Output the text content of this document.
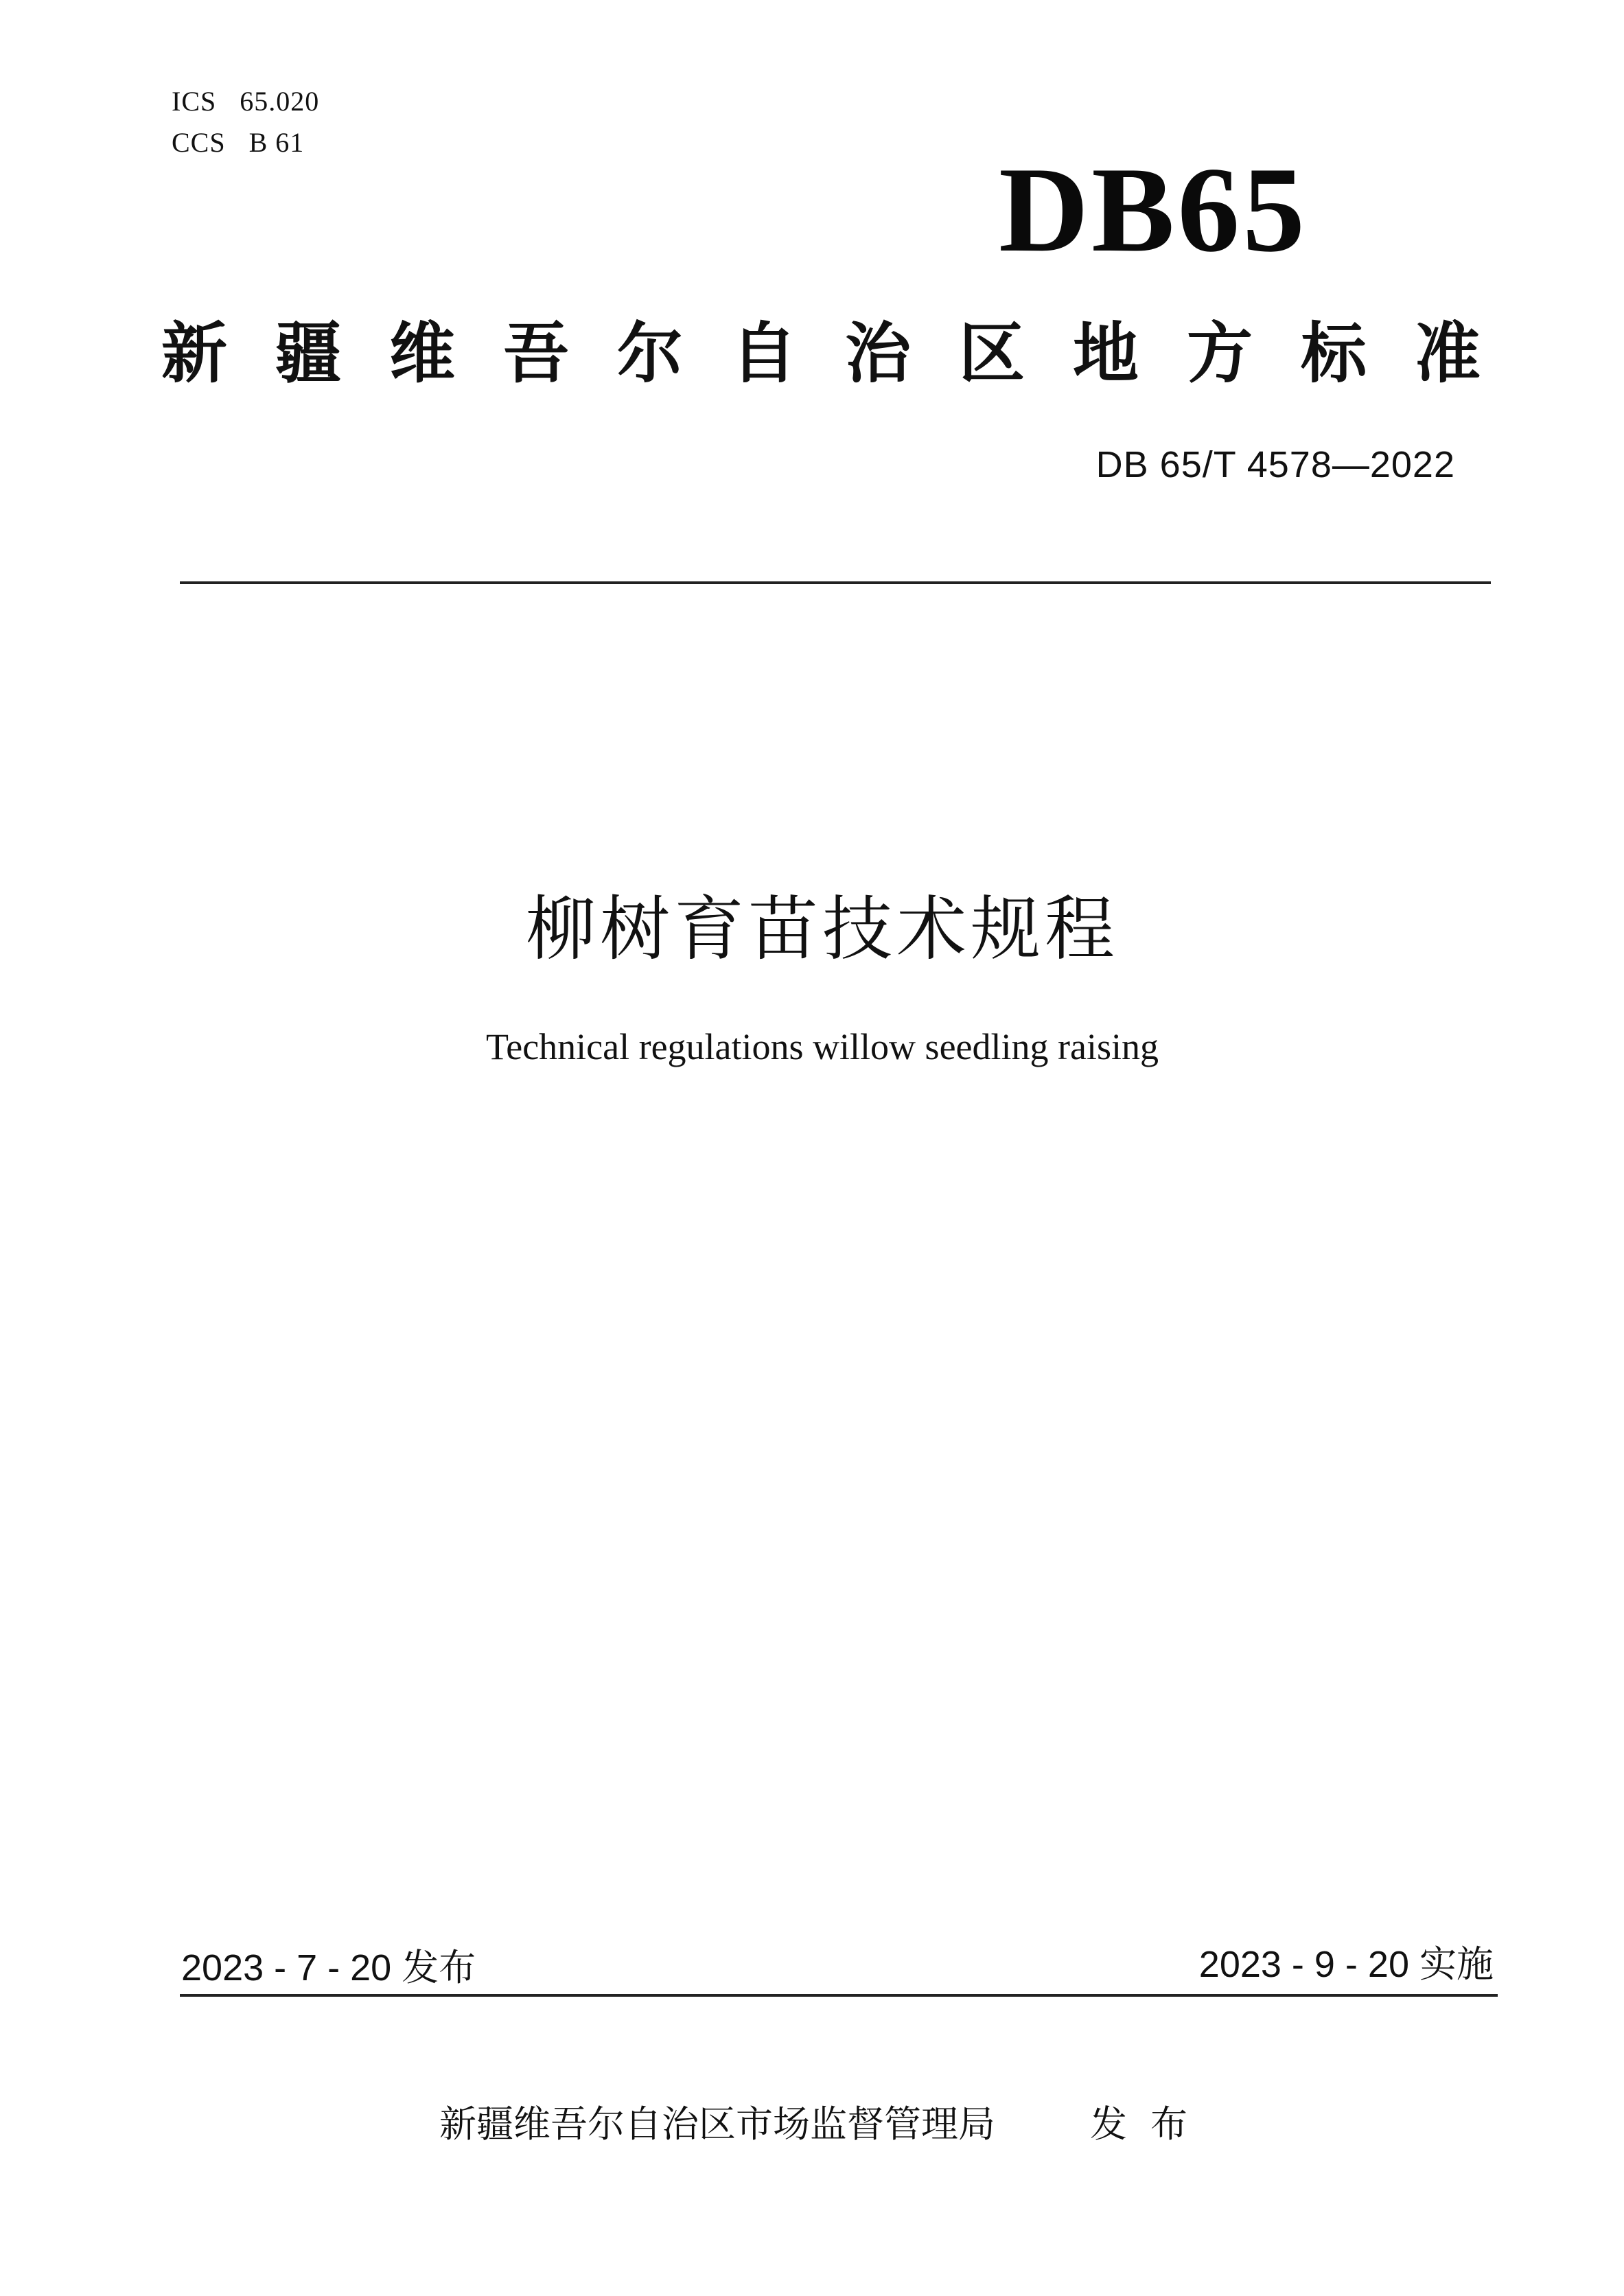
ICS 65.020
CCS B 61	DB65
新疆维吾尔自治区地方标准
DB 65/T 4578—2022
柳树育苗技术规程
Technical regulations willow seedling raising
2023 - 7 - 20 发布	2023 - 9 - 20 实施
新疆维吾尔自治区市场监督管理局	发布
